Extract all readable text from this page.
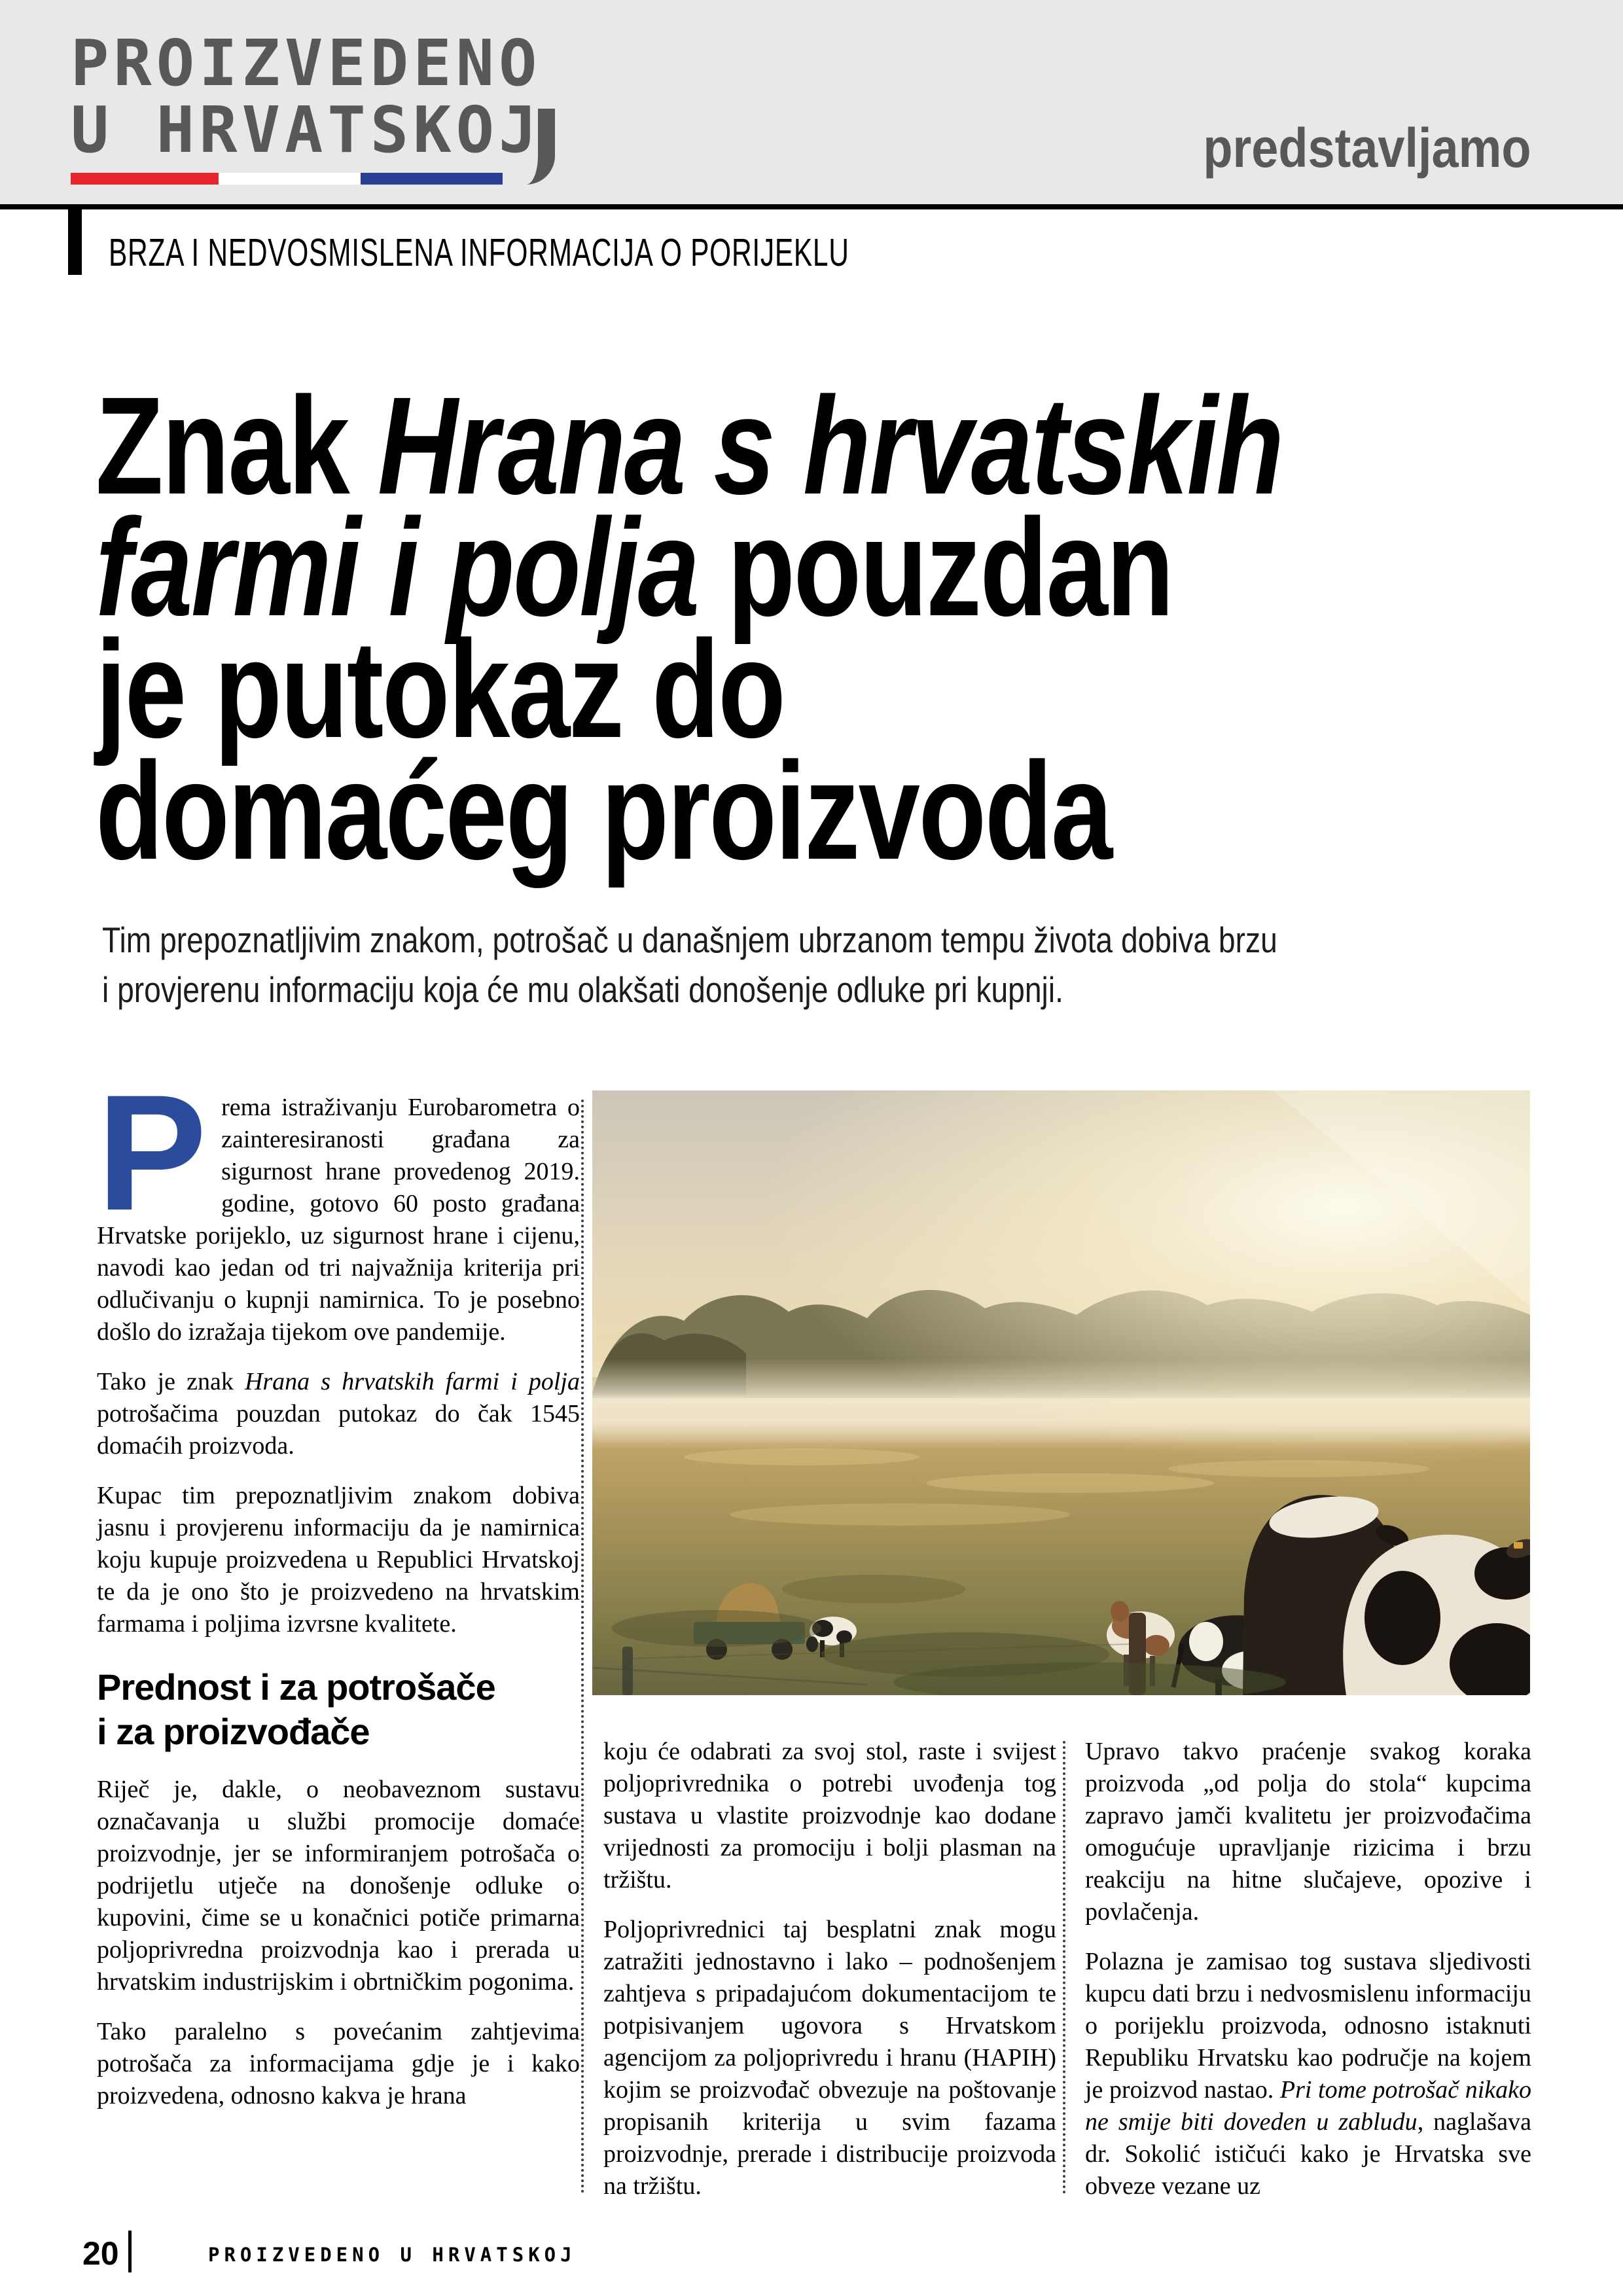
PROIZVEDENO
U HRVATSKOJ	predstavljamo
BRZA I NEDVOSMISLENA INFORMACIJA O PORIJEKLU
Znak Hrana s hrvatskih
farmi i polja pouzdan
je putokaz do
domaćeg proizvoda

Tim prepoznatljivim znakom, potrošač u današnjem ubrzanom tempu života dobiva brzu
i provjerenu informaciju koja će mu olakšati donošenje odluke pri kupnji.

Prema istraživanju Eurobarometra o zainteresiranosti građana za sigurnost hrane provedenog 2019. godine, gotovo 60 posto građana Hrvatske porijeklo, uz sigurnost hrane i cijenu, navodi kao jedan od tri najvažnija kriterija pri odlučivanju o kupnji namirnica. To je posebno došlo do izražaja tijekom ove pandemije.

Tako je znak Hrana s hrvatskih farmi i polja potrošačima pouzdan putokaz do čak 1545 domaćih proizvoda.

Kupac tim prepoznatljivim znakom dobiva jasnu i provjerenu informaciju da je namirnica koju kupuje proizvedena u Republici Hrvatskoj te da je ono što je proizvedeno na hrvatskim farmama i poljima izvrsne kvalitete.

Prednost i za potrošače
i za proizvođače

Riječ je, dakle, o neobaveznom sustavu označavanja u službi promocije domaće proizvodnje, jer se informiranjem potrošača o podrijetlu utječe na donošenje odluke o kupovini, čime se u konačnici potiče primarna poljoprivredna proizvodnja kao i prerada u hrvatskim industrijskim i obrtničkim pogonima.

Tako paralelno s povećanim zahtjevima potrošača za informacijama gdje je i kako proizvedena, odnosno kakva je hrana

koju će odabrati za svoj stol, raste i svijest poljoprivrednika o potrebi uvođenja tog sustava u vlastite proizvodnje kao dodane vrijednosti za promociju i bolji plasman na tržištu.

Poljoprivrednici taj besplatni znak mogu zatražiti jednostavno i lako – podnošenjem zahtjeva s pripadajućom dokumentacijom te potpisivanjem ugovora s Hrvatskom agencijom za poljoprivredu i hranu (HAPIH) kojim se proizvođač obvezuje na poštovanje propisanih kriterija u svim fazama proizvodnje, prerade i distribucije proizvoda na tržištu.

Upravo takvo praćenje svakog koraka proizvoda „od polja do stola“ kupcima zapravo jamči kvalitetu jer proizvođačima omogućuje upravljanje rizicima i brzu reakciju na hitne slučajeve, opozive i povlačenja.

Polazna je zamisao tog sustava sljedivosti kupcu dati brzu i nedvosmislenu informaciju o porijeklu proizvoda, odnosno istaknuti Republiku Hrvatsku kao područje na kojem je proizvod nastao. Pri tome potrošač nikako ne smije biti doveden u zabludu, naglašava dr. Sokolić ističući kako je Hrvatska sve obveze vezane uz

20	PROIZVEDENO U HRVATSKOJ
